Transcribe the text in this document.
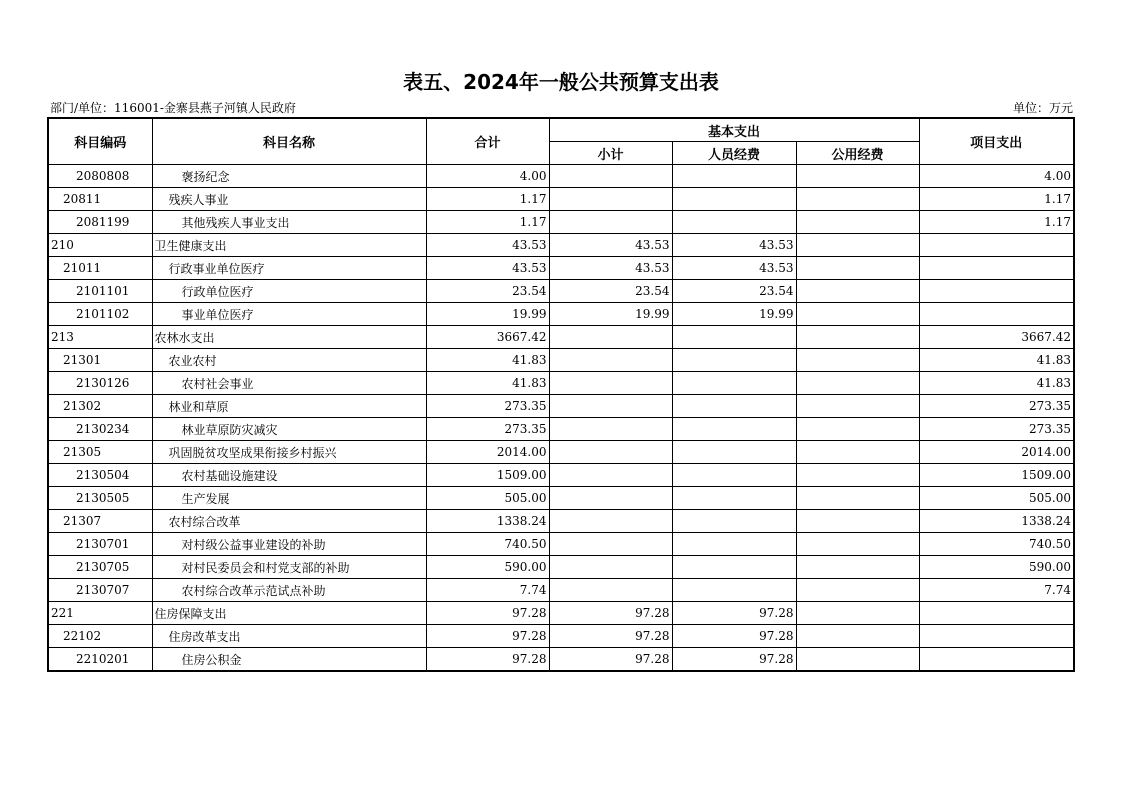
表五、2024年一般公共预算支出表
部门/单位：116001-金寨县燕子河镇人民政府	单位：万元
科目编码	科目名称	合计	基本支出			项目支出
			小计	人员经费	公用经费	
2080808	褒扬纪念	4.00				4.00
20811	残疾人事业	1.17				1.17
2081199	其他残疾人事业支出	1.17				1.17
210	卫生健康支出	43.53	43.53	43.53		
21011	行政事业单位医疗	43.53	43.53	43.53		
2101101	行政单位医疗	23.54	23.54	23.54		
2101102	事业单位医疗	19.99	19.99	19.99		
213	农林水支出	3667.42				3667.42
21301	农业农村	41.83				41.83
2130126	农村社会事业	41.83				41.83
21302	林业和草原	273.35				273.35
2130234	林业草原防灾减灾	273.35				273.35
21305	巩固脱贫攻坚成果衔接乡村振兴	2014.00				2014.00
2130504	农村基础设施建设	1509.00				1509.00
2130505	生产发展	505.00				505.00
21307	农村综合改革	1338.24				1338.24
2130701	对村级公益事业建设的补助	740.50				740.50
2130705	对村民委员会和村党支部的补助	590.00				590.00
2130707	农村综合改革示范试点补助	7.74				7.74
221	住房保障支出	97.28	97.28	97.28		
22102	住房改革支出	97.28	97.28	97.28		
2210201	住房公积金	97.28	97.28	97.28		
